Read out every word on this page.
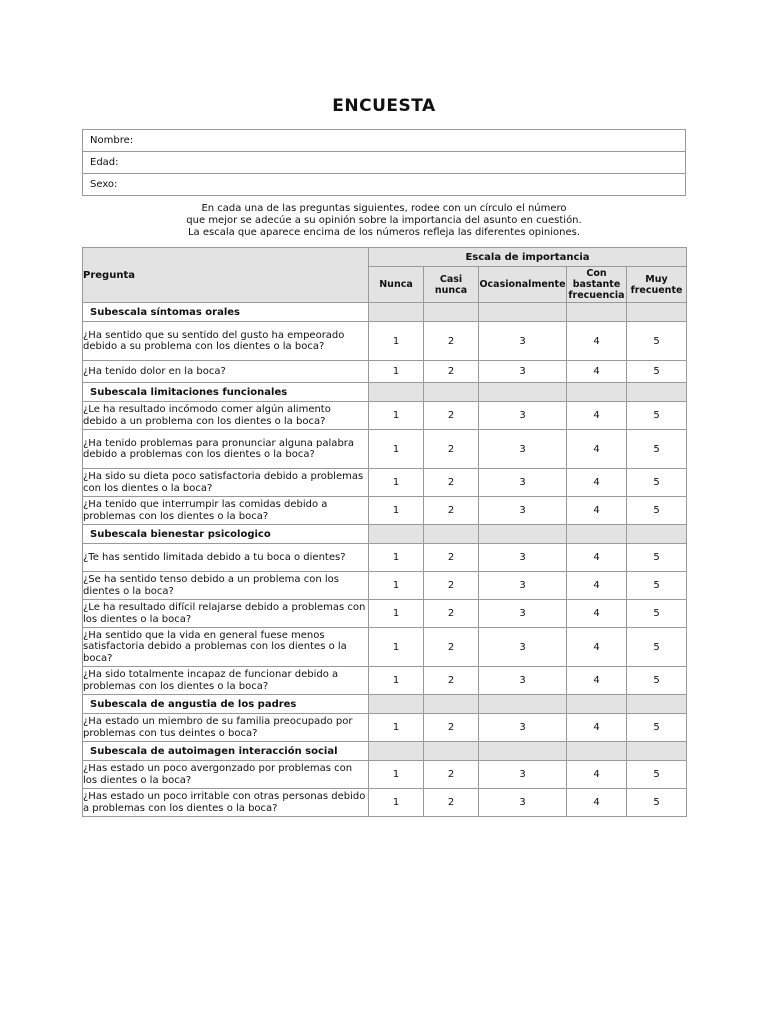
ENCUESTA
Nombre:
Edad:
Sexo:
En cada una de las preguntas siguientes, rodee con un círculo el número
que mejor se adecúe a su opinión sobre la importancia del asunto en cuestión.
La escala que aparece encima de los números refleja las diferentes opiniones.
Pregunta	Escala de importancia				
	Nunca	Casi nunca	Ocasionalmente	Con bastante frecuencia	Muy frecuente
Subescala síntomas orales					
¿Ha sentido que su sentido del gusto ha empeorado debido a su problema con los dientes o la boca?	1	2	3	4	5
¿Ha tenido dolor en la boca?	1	2	3	4	5
Subescala limitaciones funcionales					
¿Le ha resultado incómodo comer algún alimento debido a un problema con los dientes o la boca?	1	2	3	4	5
¿Ha tenido problemas para pronunciar alguna palabra debido a problemas con los dientes o la boca?	1	2	3	4	5
¿Ha sido su dieta poco satisfactoria debido a problemas con los dientes o la boca?	1	2	3	4	5
¿Ha tenido que interrumpir las comidas debido a problemas con los dientes o la boca?	1	2	3	4	5
Subescala bienestar psicologico					
¿Te has sentido limitada debido a tu boca o dientes?	1	2	3	4	5
¿Se ha sentido tenso debido a un problema con los dientes o la boca?	1	2	3	4	5
¿Le ha resultado difícil relajarse debido a problemas con los dientes o la boca?	1	2	3	4	5
¿Ha sentido que la vida en general fuese menos satisfactoria debido a problemas con los dientes o la boca?	1	2	3	4	5
¿Ha sido totalmente incapaz de funcionar debido a problemas con los dientes o la boca?	1	2	3	4	5
Subescala de angustia de los padres					
¿Ha estado un miembro de su familia preocupado por problemas con tus deintes o boca?	1	2	3	4	5
Subescala de autoimagen interacción social					
¿Has estado un poco avergonzado por problemas con los dientes o la boca?	1	2	3	4	5
¿Has estado un poco irritable con otras personas debido a problemas con los dientes o la boca?	1	2	3	4	5
